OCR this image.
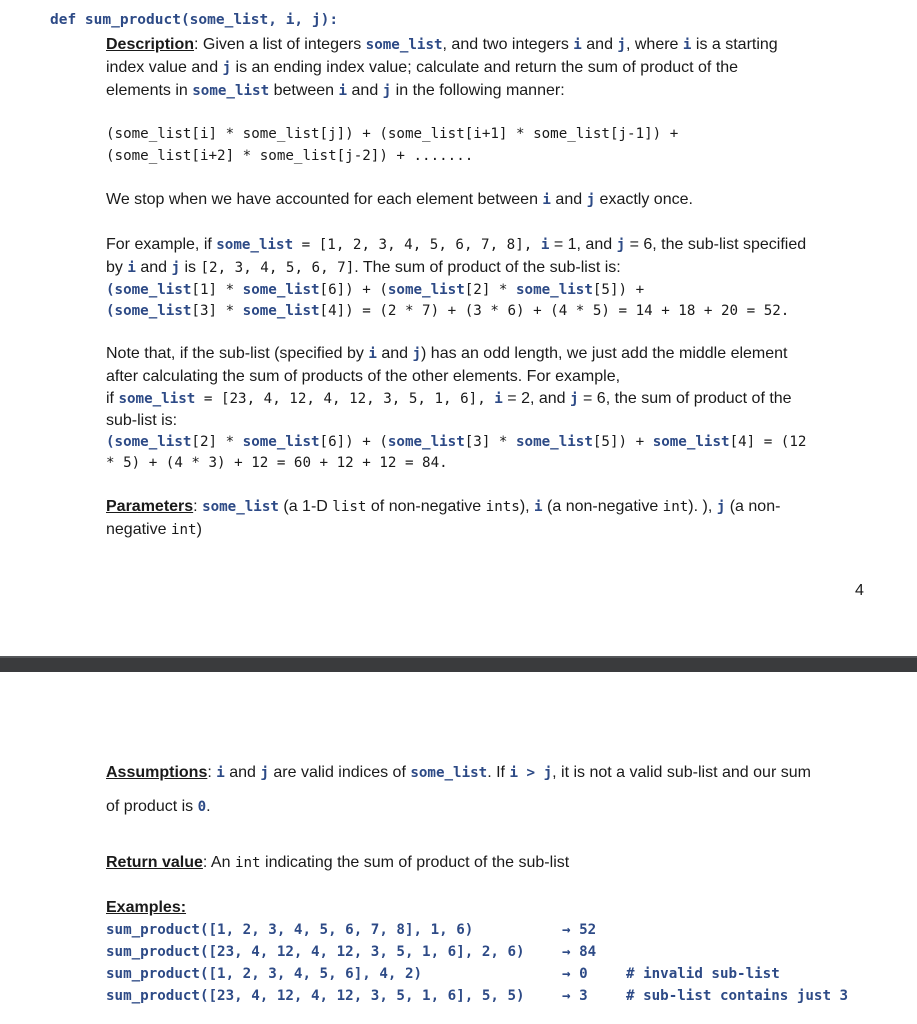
def sum_product(some_list, i, j):
Description: Given a list of integers some_list, and two integers i and j, where i is a starting
index value and j is an ending index value; calculate and return the sum of product of the
elements in some_list between i and j in the following manner:
(some_list[i] * some_list[j]) + (some_list[i+1] * some_list[j-1]) +
(some_list[i+2] * some_list[j-2]) + .......
We stop when we have accounted for each element between i and j exactly once.
For example, if some_list = [1, 2, 3, 4, 5, 6, 7, 8], i = 1, and j = 6, the sub-list specified
by i and j is [2, 3, 4, 5, 6, 7]. The sum of product of the sub-list is:
(some_list[1] * some_list[6]) + (some_list[2] * some_list[5]) +
(some_list[3] * some_list[4]) = (2 * 7) + (3 * 6) + (4 * 5) = 14 + 18 + 20 = 52.
Note that, if the sub-list (specified by i and j) has an odd length, we just add the middle element
after calculating the sum of products of the other elements. For example,
if some_list = [23, 4, 12, 4, 12, 3, 5, 1, 6], i = 2, and j = 6, the sum of product of the
sub-list is:
(some_list[2] * some_list[6]) + (some_list[3] * some_list[5]) + some_list[4] = (12
* 5) + (4 * 3) + 12 = 60 + 12 + 12 = 84.
Parameters: some_list (a 1-D list of non-negative ints), i (a non-negative int). ), j (a non-
negative int)
4
Assumptions: i and j are valid indices of some_list. If i > j, it is not a valid sub-list and our sum
of product is 0.
Return value: An int indicating the sum of product of the sub-list
Examples:
sum_product([1, 2, 3, 4, 5, 6, 7, 8], 1, 6)	→ 52
sum_product([23, 4, 12, 4, 12, 3, 5, 1, 6], 2, 6)	→ 84
sum_product([1, 2, 3, 4, 5, 6], 4, 2)	→ 0	# invalid sub-list
sum_product([23, 4, 12, 4, 12, 3, 5, 1, 6], 5, 5)	→ 3	# sub-list contains just 3
